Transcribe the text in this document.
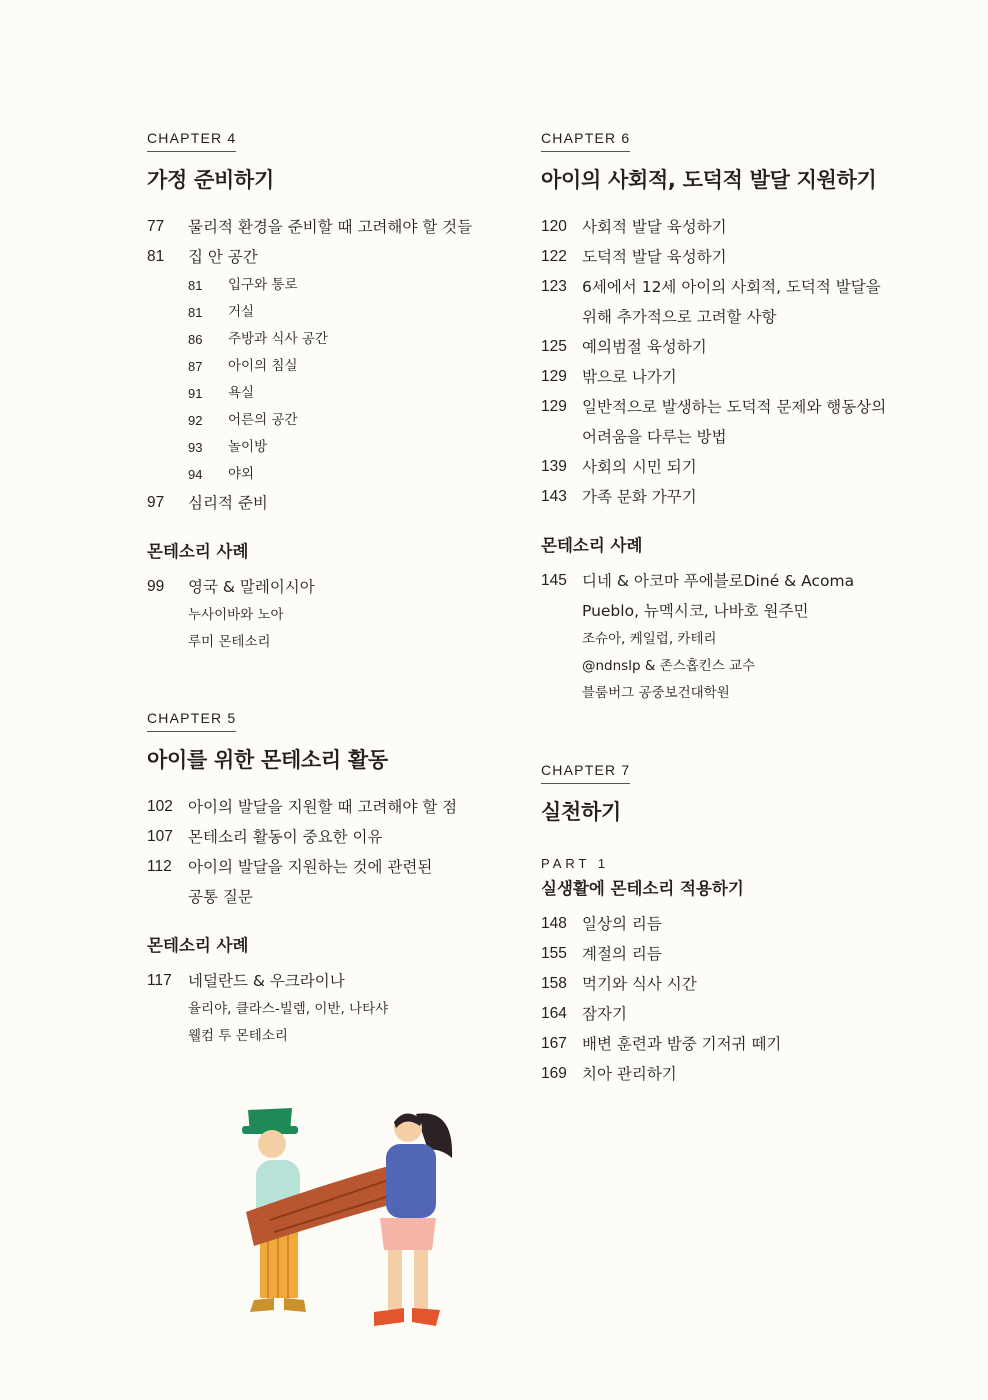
CHAPTER 4
가정 준비하기
77	물리적 환경을 준비할 때 고려해야 할 것들
81	집 안 공간
81	입구와 통로
81	거실
86	주방과 식사 공간
87	아이의 침실
91	욕실
92	어른의 공간
93	놀이방
94	야외
97	심리적 준비
몬테소리 사례
99	영국 & 말레이시아
누사이바와 노아
루미 몬테소리
CHAPTER 5
아이를 위한 몬테소리 활동
102 아이의 발달을 지원할 때 고려해야 할 점
107 몬테소리 활동이 중요한 이유
112	아이의 발달을 지원하는 것에 관련된
공통 질문
몬테소리 사례
117	네덜란드 & 우크라이나
율리야, 클라스-빌렘, 이반, 나타샤
웰컴 투 몬테소리
CHAPTER 6
아이의 사회적, 도덕적 발달 지원하기
120 사회적 발달 육성하기
122 도덕적 발달 육성하기
123 6세에서 12세 아이의 사회적, 도덕적 발달을
위해 추가적으로 고려할 사항
125 예의범절 육성하기
129 밖으로 나가기
129 일반적으로 발생하는 도덕적 문제와 행동상의
어려움을 다루는 방법
139 사회의 시민 되기
143 가족 문화 가꾸기
몬테소리 사례
145 디네 & 아코마 푸에블로Diné & Acoma
Pueblo, 뉴멕시코, 나바호 원주민
조슈아, 케일럽, 카테리
@ndnslp & 존스홉킨스 교수
블룸버그 공중보건대학원
CHAPTER 7
실천하기
PART 1
실생활에 몬테소리 적용하기
148 일상의 리듬
155 계절의 리듬
158 먹기와 식사 시간
164 잠자기
167 배변 훈련과 밤중 기저귀 떼기
169 치아 관리하기
